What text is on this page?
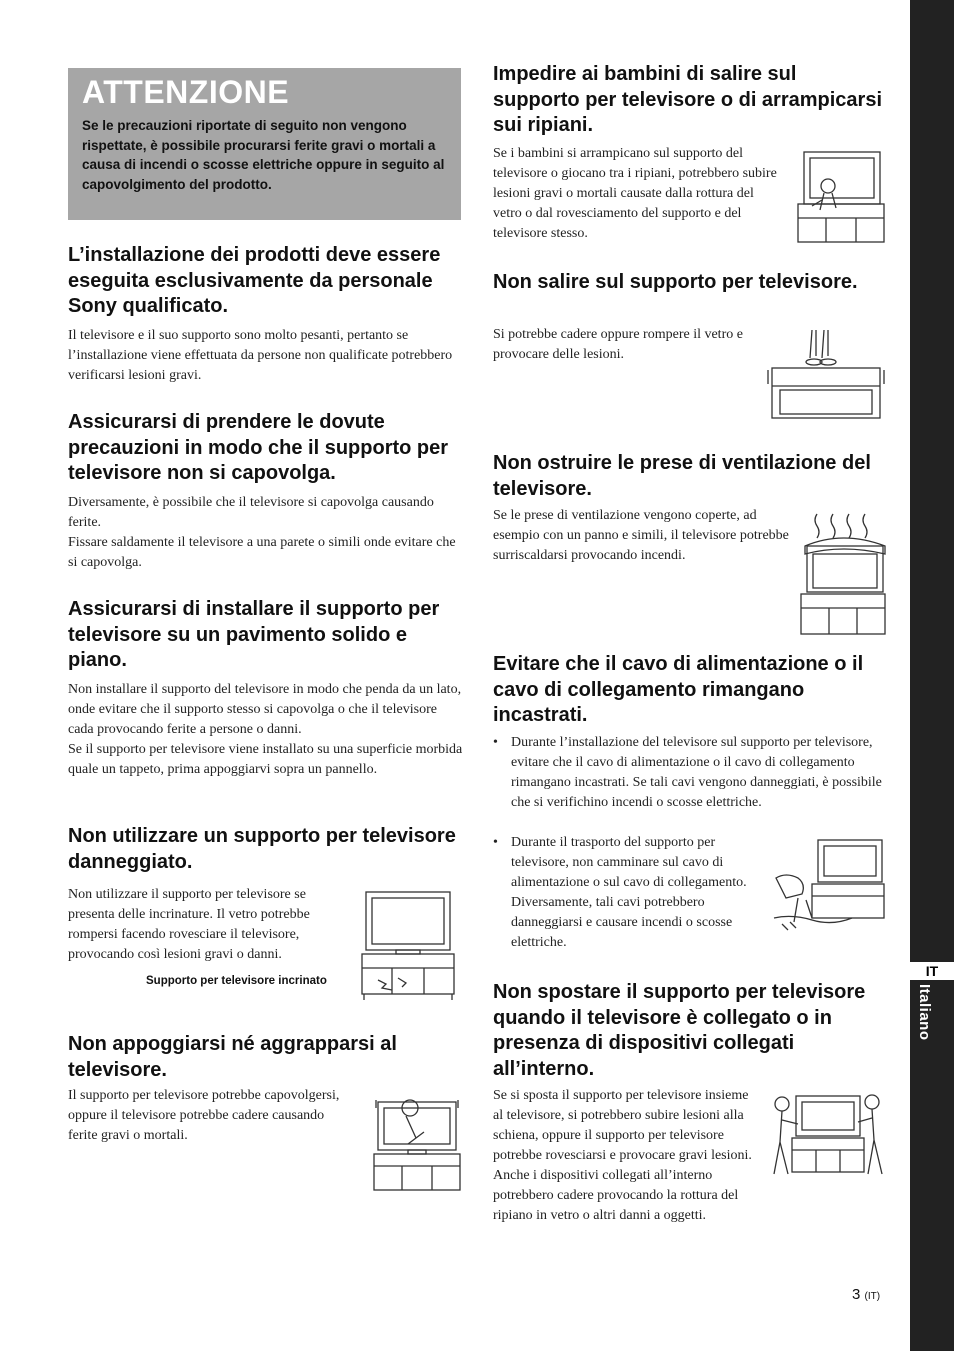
IT
Italiano
ATTENZIONE
Se le precauzioni riportate di seguito non vengono rispettate, è possibile procurarsi ferite gravi o mortali a causa di incendi o scosse elettriche oppure in seguito al capovolgimento del prodotto.
L’installazione dei prodotti deve essere eseguita esclusivamente da personale Sony qualificato.

Il televisore e il suo supporto sono molto pesanti, pertanto se l’installazione viene effettuata da persone non qualificate potrebbero verificarsi lesioni gravi.

Assicurarsi di prendere le dovute precauzioni in modo che il supporto per televisore non si capovolga.

Diversamente, è possibile che il televisore si capovolga causando ferite.

Fissare saldamente il televisore a una parete o simili onde evitare che si capovolga.

Assicurarsi di installare il supporto per televisore su un pavimento solido e piano.

Non installare il supporto del televisore in modo che penda da un lato, onde evitare che il supporto stesso si capovolga o che il televisore cada provocando ferite a persone o danni.

Se il supporto per televisore viene installato su una superficie morbida quale un tappeto, prima appoggiarvi sopra un pannello.

Non utilizzare un supporto per televisore danneggiato.

Non utilizzare il supporto per televisore se presenta delle incrinature. Il vetro potrebbe rompersi facendo rovesciare il televisore, provocando così lesioni gravi o danni.

Supporto per televisore incrinato
Non appoggiarsi né aggrapparsi al televisore.

Il supporto per televisore potrebbe capovolgersi, oppure il televisore potrebbe cadere causando ferite gravi o mortali.

Impedire ai bambini di salire sul supporto per televisore o di arrampicarsi sui ripiani.

Se i bambini si arrampicano sul supporto del televisore o giocano tra i ripiani, potrebbero subire lesioni gravi o mortali causate dalla rottura del vetro o dal rovesciamento del supporto e del televisore stesso.

Non salire sul supporto per televisore.

Si potrebbe cadere oppure rompere il vetro e provocare delle lesioni.

Non ostruire le prese di ventilazione del televisore.

Se le prese di ventilazione vengono coperte, ad esempio con un panno e simili, il televisore potrebbe surriscaldarsi provocando incendi.

Evitare che il cavo di alimentazione o il cavo di collegamento rimangano incastrati.
• Durante l’installazione del televisore sul supporto per televisore, evitare che il cavo di alimentazione o il cavo di collegamento rimangano incastrati. Se tali cavi vengono danneggiati, è possibile che si verifichino incendi o scosse elettriche.
• Durante il trasporto del supporto per televisore, non camminare sul cavo di alimentazione o sul cavo di collegamento. Diversamente, tali cavi potrebbero danneggiarsi e causare incendi o scosse elettriche.
Non spostare il supporto per televisore quando il televisore è collegato o in presenza di dispositivi collegati all’interno.

Se si sposta il supporto per televisore insieme al televisore, si potrebbero subire lesioni alla schiena, oppure il supporto per televisore potrebbe rovesciarsi e provocare gravi lesioni. Anche i dispositivi collegati all’interno potrebbero cadere provocando la rottura del ripiano in vetro o altri danni a oggetti.

3 (IT)
